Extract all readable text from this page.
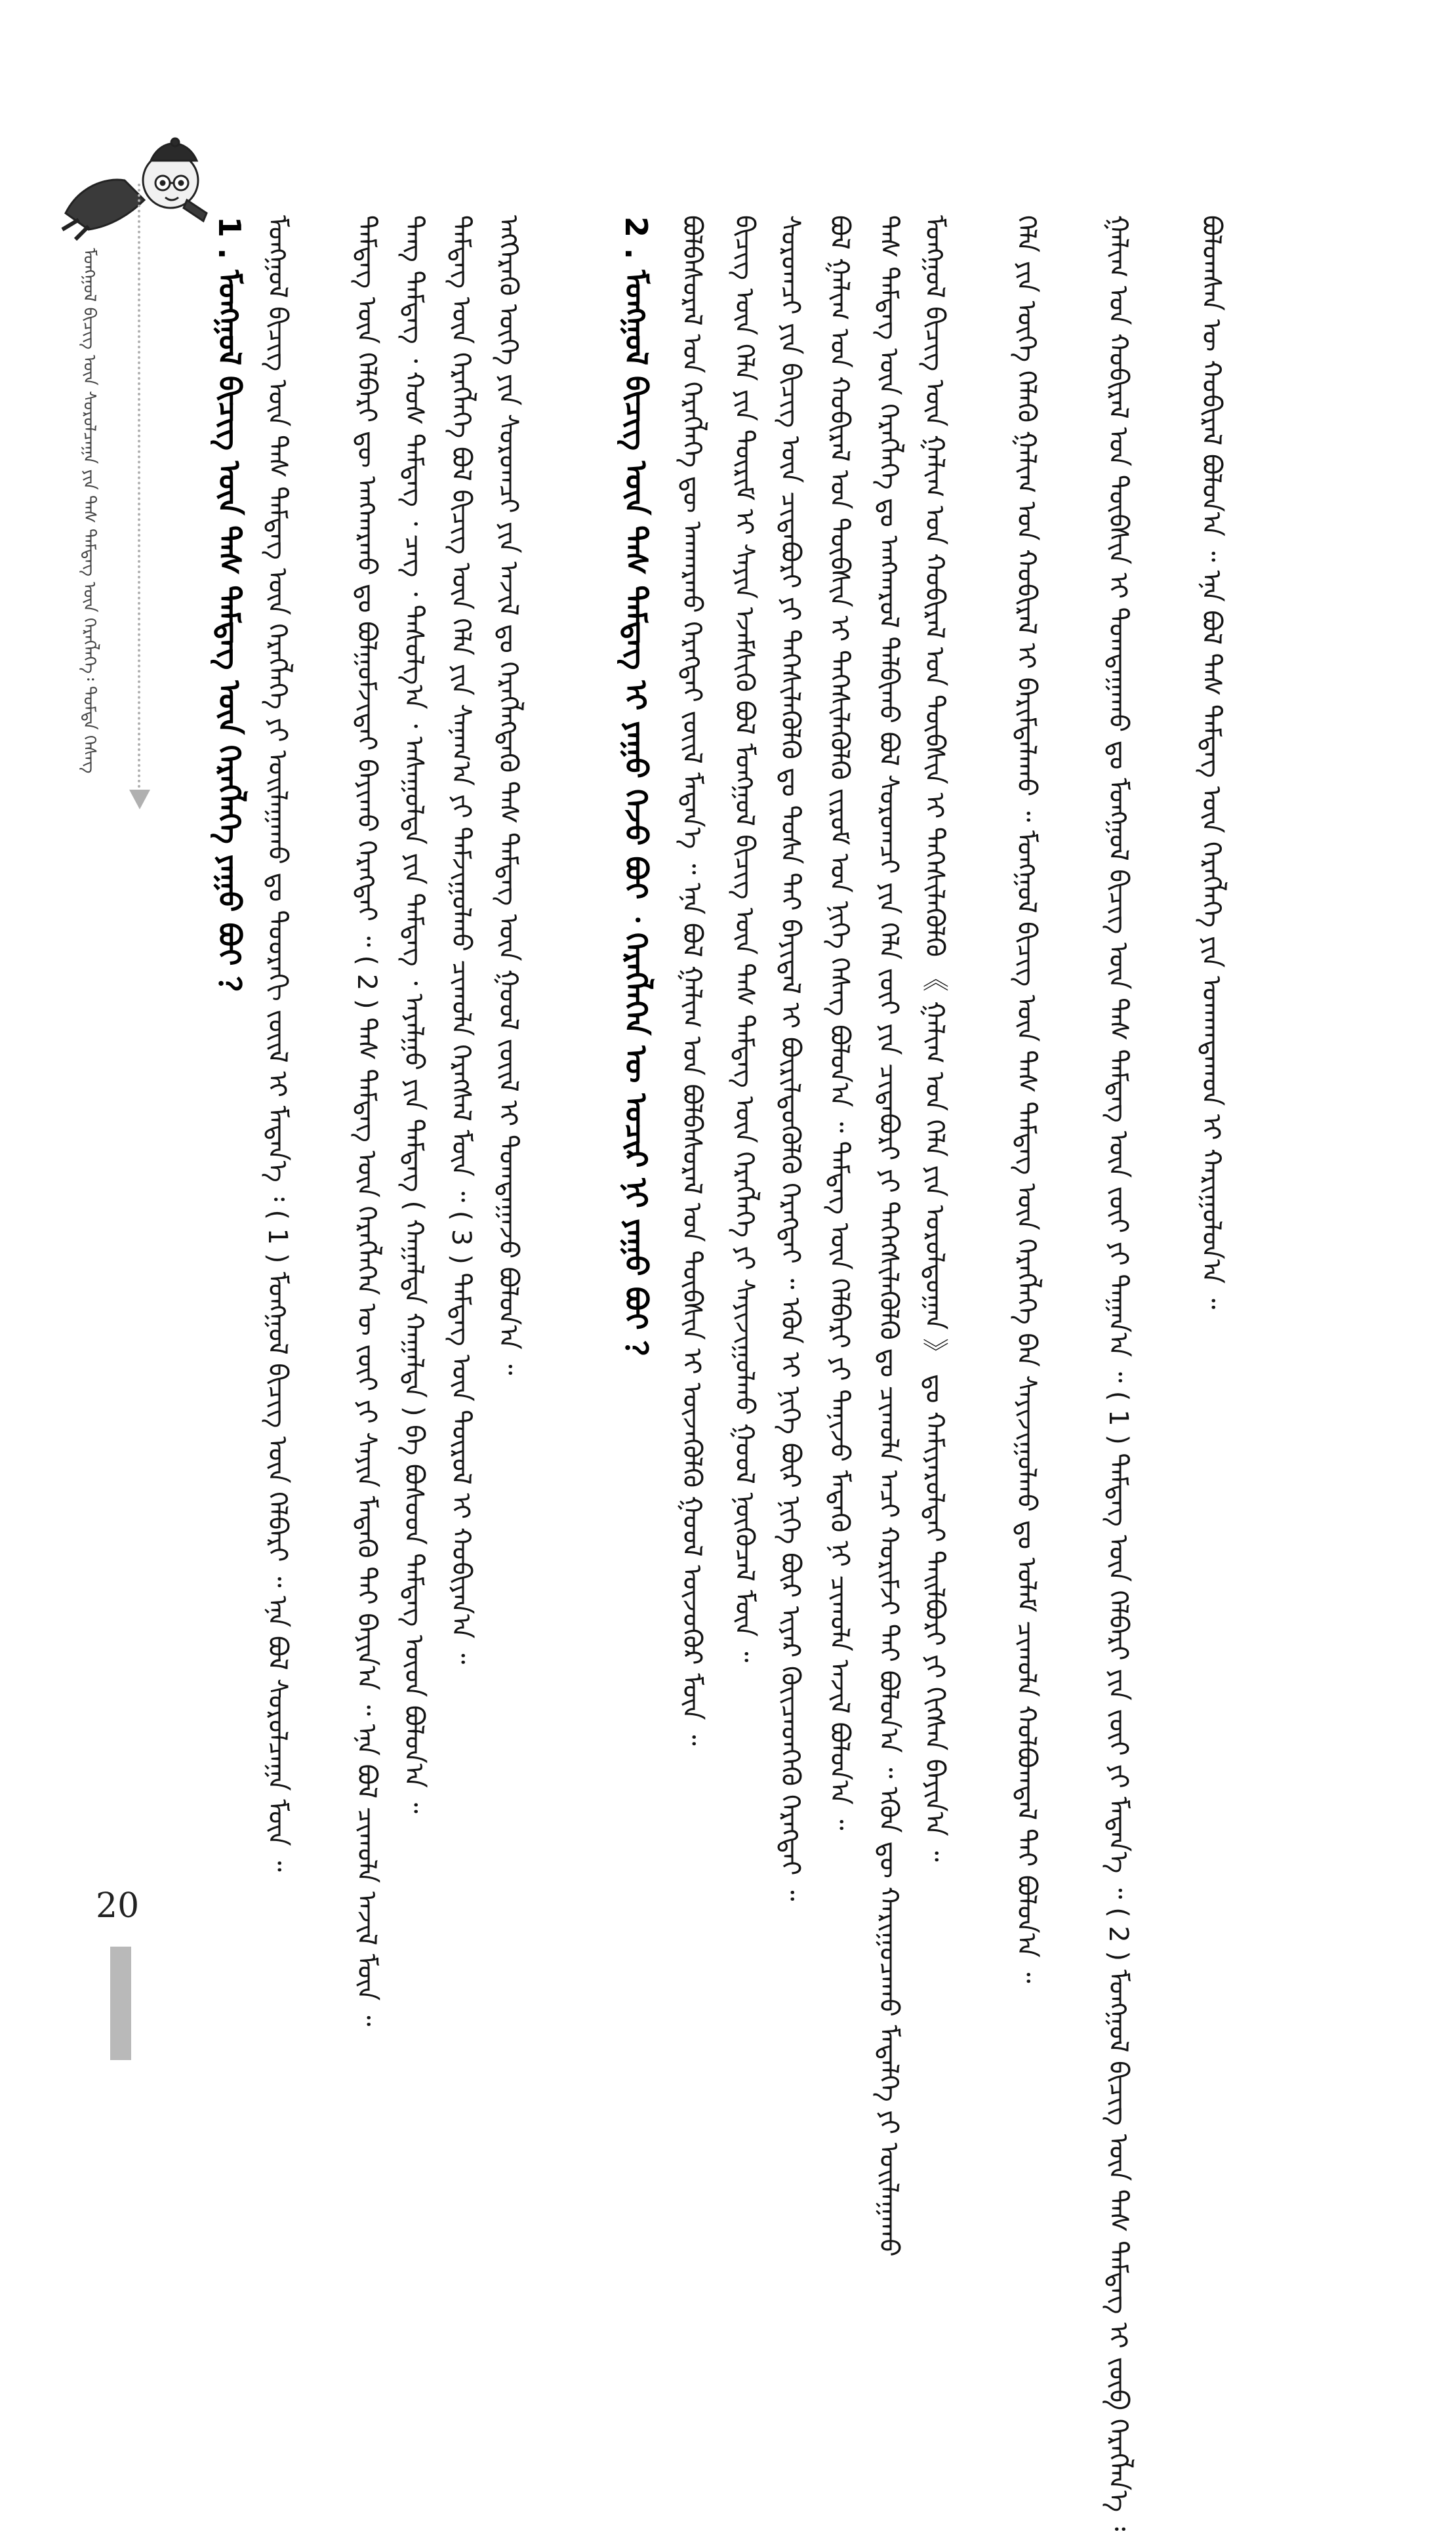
ᠮᠣᠩᠭᠣᠯ ᠪᠢᠴᠢᠭ᠌ ᠦᠨ ᠰᠤᠷᠤᠯᠴᠠᠭᠠ ᠶᠢᠨ ᠲᠡᠰ ᠲᠡᠮᠳᠡᠭ ᠦᠨ ᠬᠡᠷᠡᠭᠯᠡᠭᠡ᠄ ᠳᠤᠮᠳᠠ ᠬᠡᠰᠡᠭ
20
1 . ᠮᠣᠩᠭᠣᠯ ᠪᠢᠴᠢᠭ᠌ ᠦᠨ ᠲᠡᠰ ᠲᠡᠮᠳᠡᠭ ᠦᠨ ᠬᠡᠷᠡᠭᠯᠡᠭᠡ ᠶᠠᠭᠤ ᠪᠤᠢ ？ ᠮᠣᠩᠭᠣᠯ ᠪᠢᠴᠢᠭ᠌ ᠦᠨ ᠲᠡᠰ ᠲᠡᠮᠳᠡᠭ ᠦᠨ ᠬᠡᠷᠡᠭᠯᠡᠭᠡ ᠶᠢ ᠣᠢᠯᠠᠭᠠᠬᠤ ᠳᠤ ᠳᠣᠣᠷᠠᠬᠢ ᠵᠦᠢᠯ ᠢ ᠮᠡᠳᠡᠨ᠎ᠡ ᠄ ( 1 ) ᠮᠣᠩᠭᠣᠯ ᠪᠢᠴᠢᠭ᠌ ᠦᠨ ᠬᠡᠯᠪᠡᠷᠢ ᠃ ᠡᠨᠡ ᠪᠣᠯ ᠰᠤᠷᠤᠯᠴᠠᠭᠠ ᠮᠥᠨ ᠃ ᠲᠡᠮᠳᠡᠭ ᠦᠨ ᠬᠡᠯᠪᠡᠷᠢ ᠳᠦ ᠠᠩᠬᠠᠷᠬᠤ ᠳᠤ ᠪᠣᠯᠭᠣᠮᠵᠢᠲᠠᠢ ᠪᠠᠶᠢᠬᠤ ᠬᠡᠷᠡᠭᠲᠡᠢ ᠃ ( 2 ) ᠲᠡᠰ ᠲᠡᠮᠳᠡᠭ ᠦᠨ ᠬᠡᠷᠡᠭᠯᠡᠭᠡᠨ ᠦ ᠵᠦᠢ ᠶᠢ ᠰᠠᠶᠢᠨ ᠮᠡᠳᠡᠬᠦ ᠲᠡᠢ ᠪᠠᠶᠢᠨ᠎ᠠ ᠃ ᠡᠨᠡ ᠪᠣᠯ ᠴᠢᠬᠤᠯᠠ ᠠᠵᠢᠯ ᠮᠥᠨ ᠃ ᠳᠠᠩ ᠲᠡᠮᠳᠡᠭ ᠂ ᠬᠣᠰ ᠲᠡᠮᠳᠡᠭ ᠂ ᠴᠡᠭ ᠂ ᠲᠠᠰᠤᠯᠭ᠎ᠠ ᠂ ᠠᠰᠠᠭᠤᠯᠲᠠ ᠶᠢᠨ ᠲᠡᠮᠳᠡᠭ ᠂ ᠠᠶᠠᠯᠭᠤ ᠶᠢᠨ ᠲᠡᠮᠳᠡᠭ ( ᠬᠠᠭᠠᠯᠲᠠ ᠬᠠᠭᠠᠯᠲᠠ ) ᠪᠠ ᠪᠤᠰᠤᠳ ᠲᠡᠮᠳᠡᠭ ᠦᠳ ᠪᠣᠯᠣᠨ᠎ᠠ ᠃ ᠲᠡᠮᠳᠡᠭ ᠦᠨ ᠬᠡᠷᠡᠭᠯᠡᠭᠡ ᠪᠣᠯ ᠪᠢᠴᠢᠭ᠌ ᠦᠨ ᠬᠡᠯᠡ ᠶᠢᠨ ᠰᠠᠨᠠᠭ᠎ᠠ ᠶᠢ ᠳᠠᠮᠵᠢᠭᠤᠯᠬᠤ ᠴᠢᠬᠤᠯᠠ ᠬᠡᠷᠡᠭᠰᠡᠯ ᠮᠥᠨ ᠃ ( 3 ) ᠲᠡᠮᠳᠡᠭ ᠦᠨ ᠲᠦᠷᠦᠯ ᠢ ᠬᠤᠪᠢᠶᠠᠨ᠎ᠠ ᠃ ᠡᠩᠭᠡᠷᠡᠬᠦ ᠦᠭᠡ ᠶᠢᠨ ᠰᠤᠷᠤᠭᠴᠢ ᠶᠢᠨ ᠠᠵᠢᠯ ᠳᠤ ᠬᠡᠷᠡᠭᠯᠡᠭᠳᠡᠬᠦ ᠲᠡᠰ ᠲᠡᠮᠳᠡᠭ ᠦᠨ ᠭᠣᠣᠯ ᠵᠦᠢᠯ ᠢ ᠲᠣᠭᠲᠠᠭᠠᠵᠤ ᠪᠣᠯᠣᠨ᠎ᠠ ᠃	2 . ᠮᠣᠩᠭᠣᠯ ᠪᠢᠴᠢᠭ᠌ ᠦᠨ ᠲᠡᠰ ᠲᠡᠮᠳᠡᠭ ᠢ ᠶᠠᠭᠤ ᠭᠡᠵᠦ ᠪᠤᠢ ᠂ ᠬᠡᠷᠡᠭᠯᠡᠭᠡᠨ ᠦ ᠤᠴᠢᠷ ᠨᠢ ᠶᠠᠭᠤ ᠪᠤᠢ ？ ᠪᠣᠯᠪᠠᠰᠤᠷᠠᠯ ᠤᠨ ᠬᠡᠷᠡᠭᠯᠡᠭᠡ ᠳᠦ ᠠᠨᠬᠠᠷᠬᠤ ᠬᠡᠷᠡᠭᠲᠡᠢ ᠵᠦᠢᠯ ᠮᠡᠳᠡᠨ᠎ᠡ ᠃ ᠡᠨᠡ ᠪᠣᠯ ᠭᠠᠯᠢᠭ ᠤᠨ ᠪᠣᠯᠪᠠᠰᠤᠷᠠᠯ ᠤᠨ ᠲᠦᠪᠰᠢᠨ ᠢ ᠦᠵᠡᠭᠦᠯᠬᠦ ᠭᠣᠣᠯ ᠦᠵᠦᠭᠦᠷ ᠮᠥᠨ ᠃ ᠪᠢᠴᠢᠭ᠌ ᠦᠨ ᠬᠡᠯᠡ ᠶᠢᠨ ᠳᠦᠷᠢᠮ ᠢ ᠰᠠᠶᠢᠨ ᠡᠵᠡᠮᠰᠢᠬᠦ ᠪᠣᠯ ᠮᠣᠩᠭᠣᠯ ᠪᠢᠴᠢᠭ᠌ ᠦᠨ ᠲᠡᠰ ᠲᠡᠮᠳᠡᠭ ᠦᠨ ᠬᠡᠷᠡᠭᠯᠡᠭᠡ ᠶᠢ ᠰᠠᠶᠢᠵᠢᠭᠤᠯᠬᠤ ᠭᠣᠣᠯ ᠨᠥᠬᠦᠴᠡᠯ ᠮᠥᠨ ᠃ ᠰᠤᠷᠤᠭᠴᠢ ᠶᠢᠨ ᠪᠢᠴᠢᠭ᠌ ᠦᠨ ᠴᠢᠳᠠᠪᠤᠷᠢ ᠶᠢ ᠳᠡᠭᠡᠰᠢᠯᠡᠭᠦᠯᠬᠦ ᠳᠤ ᠲᠤᠰᠠ ᠲᠠᠢ ᠪᠠᠶᠢᠳᠠᠯ ᠢ ᠪᠦᠷᠢᠯᠳᠦᠭᠦᠯᠬᠦ ᠬᠡᠷᠡᠭᠲᠡᠢ ᠃ ᠡᠭᠦᠨ ᠢ ᠨᠢᠭᠡ ᠪᠦᠷ ᠨᠢᠭᠡ ᠪᠦᠷ ᠢᠶᠡᠷ ᠭᠦᠢᠴᠡᠳᠭᠡᠬᠦ ᠬᠡᠷᠡᠭᠲᠡᠢ ᠃ ᠪᠣᠯ ᠭᠠᠯᠢᠭ ᠤᠨ ᠬᠤᠪᠢᠷᠠᠯ ᠤᠨ ᠲᠦᠪᠰᠢᠨ ᠢ ᠳᠡᠭᠡᠰᠢᠯᠡᠭᠦᠯᠬᠦ ᠵᠢᠷᠤᠮ ᠤᠨ ᠨᠢᠭᠡ ᠬᠡᠰᠡᠭ ᠪᠣᠯᠣᠨ᠎ᠠ ᠃ ᠲᠡᠮᠳᠡᠭ ᠦᠨ ᠬᠡᠯᠪᠡᠷᠢ ᠶᠢ ᠲᠠᠨᠢᠵᠤ ᠮᠡᠳᠡᠬᠦ ᠨᠢ ᠴᠢᠬᠤᠯᠠ ᠠᠵᠢᠯ ᠪᠣᠯᠤᠨ᠎ᠠ ᠃ ᠲᠡᠰ ᠲᠡᠮᠳᠡᠭ ᠦᠨ ᠬᠡᠷᠡᠭᠯᠡᠭᠡ ᠳᠤ ᠠᠩᠬᠠᠷᠤᠯ ᠲᠠᠯᠪᠢᠬᠤ ᠪᠣᠯ ᠰᠤᠷᠤᠭᠴᠢ ᠶᠢᠨ ᠬᠡᠯᠡ ᠵᠦᠢ ᠶᠢᠨ ᠴᠢᠳᠠᠪᠤᠷᠢ ᠶᠢ ᠳᠡᠭᠡᠭᠰᠢᠯᠡᠭᠦᠯᠬᠦ ᠳᠤ ᠴᠢᠬᠤᠯᠠ ᠠᠴᠢ ᠬᠤᠷᠢᠮᠵᠢ ᠲᠠᠢ ᠪᠣᠯᠤᠨ᠎ᠠ ᠃ ᠡᠭᠦᠨ ᠳᠦ ᠬᠠᠷᠢᠭᠤᠴᠠᠬᠤ ᠮᠡᠳᠡᠯᠭᠡ ᠶᠢ ᠣᠢᠯᠠᠭᠠᠬᠤ ᠮᠣᠩᠭᠣᠯ ᠪᠢᠴᠢᠭ᠌ ᠦᠨ ᠭᠠᠯᠢᠭ ᠤᠨ ᠬᠤᠪᠢᠷᠠᠯ ᠤᠨ ᠲᠦᠪᠰᠢᠨ ᠢ ᠳᠡᠭᠡᠰᠢᠯᠡᠭᠦᠯᠬᠦ 《 ᠭᠠᠯᠢᠭ ᠤᠨ ᠬᠡᠯᠡ ᠶᠢᠨ ᠤᠷᠤᠯᠳᠤᠭᠠᠨ 》 ᠳᠤ ᠬᠠᠮᠢᠶᠠᠷᠤᠯᠲᠠᠢ ᠲᠠᠢᠯᠪᠤᠷᠢ ᠶᠢ ᠬᠢᠭᠰᠡᠨ ᠪᠠᠶᠢᠨ᠎ᠠ ᠃ ᠬᠡᠯᠡ ᠶᠢᠨ ᠦᠭᠡ ᠬᠡᠯᠡᠬᠦ ᠭᠠᠯᠢᠭ ᠤᠨ ᠬᠤᠪᠢᠷᠠᠯ ᠢ ᠪᠠᠷᠢᠮᠲᠠᠯᠠᠬᠤ ᠃ ᠮᠣᠩᠭᠣᠯ ᠪᠢᠴᠢᠭ᠌ ᠦᠨ ᠲᠡᠰ ᠲᠡᠮᠳᠡᠭ ᠦᠨ ᠬᠡᠷᠡᠭᠯᠡᠭᠡ ᠪᠡᠨ ᠰᠠᠶᠢᠵᠢᠭᠤᠯᠬᠤ ᠳᠤ ᠤᠯᠠᠮ ᠴᠢᠬᠤᠯᠠ ᠬᠣᠯᠪᠣᠭᠳᠠᠯ ᠲᠠᠢ ᠪᠣᠯᠣᠨ᠎ᠠ ᠃ ᠭᠠᠯᠢᠭ ᠤᠨ ᠬᠤᠪᠢᠷᠠᠯ ᠤᠨ ᠲᠦᠪᠰᠢᠨ ᠢ ᠲᠣᠭᠲᠠᠭᠠᠬᠤ ᠳᠤ ᠮᠣᠩᠭᠣᠯ ᠪᠢᠴᠢᠭ᠌ ᠦᠨ ᠲᠡᠰ ᠲᠡᠮᠳᠡᠭ ᠦᠨ ᠵᠦᠢ ᠶᠢ ᠳᠠᠭᠠᠨ᠎ᠠ ᠃ ( 1 ) ᠲᠡᠮᠳᠡᠭ ᠦᠨ ᠬᠡᠯᠪᠡᠷᠢ ᠶᠢᠨ ᠵᠦᠢ ᠶᠢ ᠮᠡᠳᠡᠨ᠎ᠡ ᠃ ( 2 ) ᠮᠣᠩᠭᠣᠯ ᠪᠢᠴᠢᠭ᠌ ᠦᠨ ᠲᠡᠰ ᠲᠡᠮᠳᠡᠭ ᠢ ᠵᠥᠪ ᠬᠡᠷᠡᠭᠯᠡᠨ᠎ᠡ ᠄ ᠪᠣᠯᠤᠭᠰᠠᠨ ᠦ ᠬᠤᠪᠢᠷᠠᠯ ᠪᠣᠯᠣᠨ᠎ᠠ ᠃ ᠡᠨᠡ ᠪᠣᠯ ᠲᠡᠰ ᠲᠡᠮᠳᠡᠭ ᠦᠨ ᠬᠡᠷᠡᠭᠯᠡᠭᠡ ᠶᠢᠨ ᠤᠬᠠᠭᠳᠠᠬᠤᠨ ᠢ ᠬᠠᠷᠢᠭᠤᠯᠤᠨ᠎ᠠ ᠃
